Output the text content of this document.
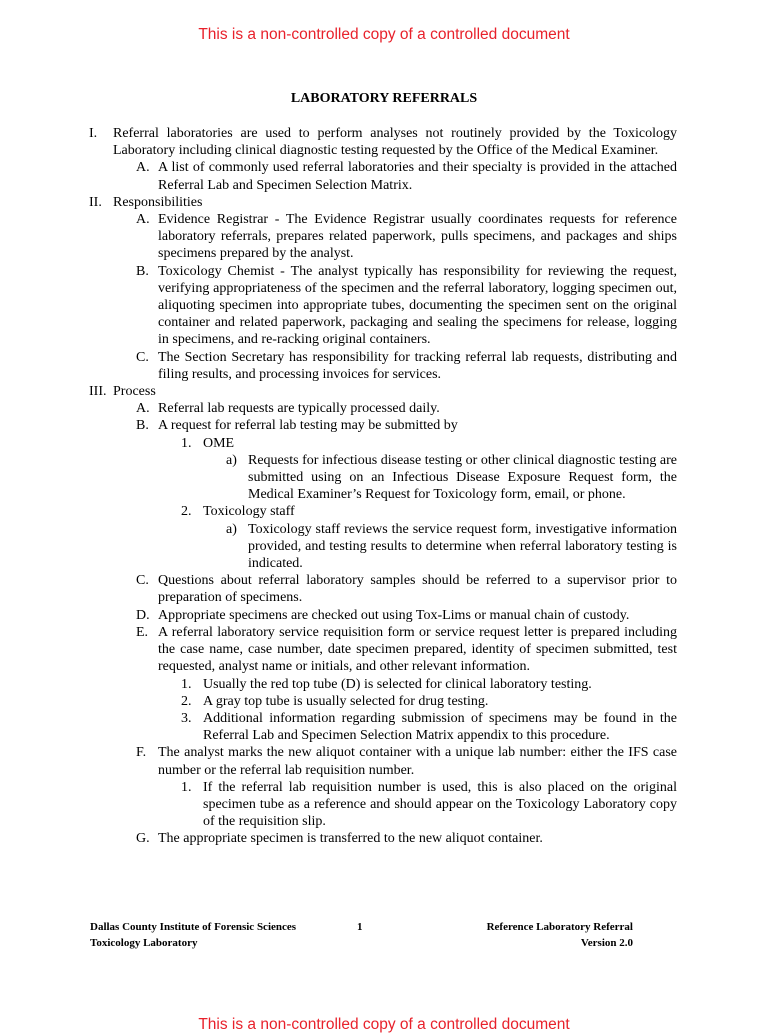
This is a non-controlled copy of a controlled document
LABORATORY REFERRALS
I. Referral laboratories are used to perform analyses not routinely provided by the Toxicology Laboratory including clinical diagnostic testing requested by the Office of the Medical Examiner.
A. A list of commonly used referral laboratories and their specialty is provided in the attached Referral Lab and Specimen Selection Matrix.
II. Responsibilities
A. Evidence Registrar - The Evidence Registrar usually coordinates requests for reference laboratory referrals, prepares related paperwork, pulls specimens, and packages and ships specimens prepared by the analyst.
B. Toxicology Chemist - The analyst typically has responsibility for reviewing the request, verifying appropriateness of the specimen and the referral laboratory, logging specimen out, aliquoting specimen into appropriate tubes, documenting the specimen sent on the original container and related paperwork, packaging and sealing the specimens for release, logging in specimens, and re-racking original containers.
C. The Section Secretary has responsibility for tracking referral lab requests, distributing and filing results, and processing invoices for services.
III. Process
A. Referral lab requests are typically processed daily.
B. A request for referral lab testing may be submitted by
1. OME
a) Requests for infectious disease testing or other clinical diagnostic testing are submitted using on an Infectious Disease Exposure Request form, the Medical Examiner’s Request for Toxicology form, email, or phone.
2. Toxicology staff
a) Toxicology staff reviews the service request form, investigative information provided, and testing results to determine when referral laboratory testing is indicated.
C. Questions about referral laboratory samples should be referred to a supervisor prior to preparation of specimens.
D. Appropriate specimens are checked out using Tox-Lims or manual chain of custody.
E. A referral laboratory service requisition form or service request letter is prepared including the case name, case number, date specimen prepared, identity of specimen submitted, test requested, analyst name or initials, and other relevant information.
1. Usually the red top tube (D) is selected for clinical laboratory testing.
2. A gray top tube is usually selected for drug testing.
3. Additional information regarding submission of specimens may be found in the Referral Lab and Specimen Selection Matrix appendix to this procedure.
F. The analyst marks the new aliquot container with a unique lab number: either the IFS case number or the referral lab requisition number.
1. If the referral lab requisition number is used, this is also placed on the original specimen tube as a reference and should appear on the Toxicology Laboratory copy of the requisition slip.
G. The appropriate specimen is transferred to the new aliquot container.
Dallas County Institute of Forensic Sciences
Toxicology Laboratory
1	Reference Laboratory Referral
Version 2.0
This is a non-controlled copy of a controlled document
